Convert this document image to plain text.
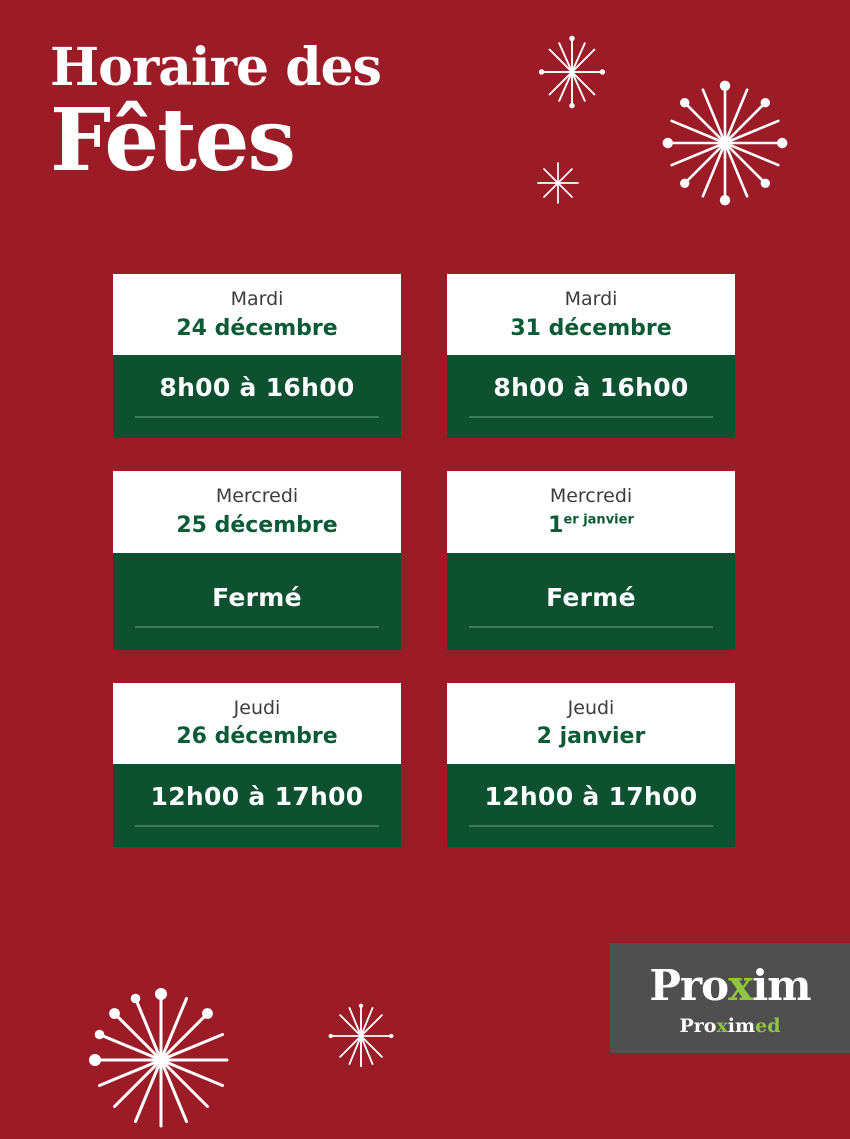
Horaire des
Fêtes
Mardi
24 décembre
8h00 à 16h00
Mardi
31 décembre
8h00 à 16h00
Mercredi
25 décembre
Fermé
Mercredi
$1^{er janvier}$
Fermé
Jeudi
26 décembre
12h00 à 17h00
Jeudi
2 janvier
12h00 à 17h00
Proxim
Proximed
